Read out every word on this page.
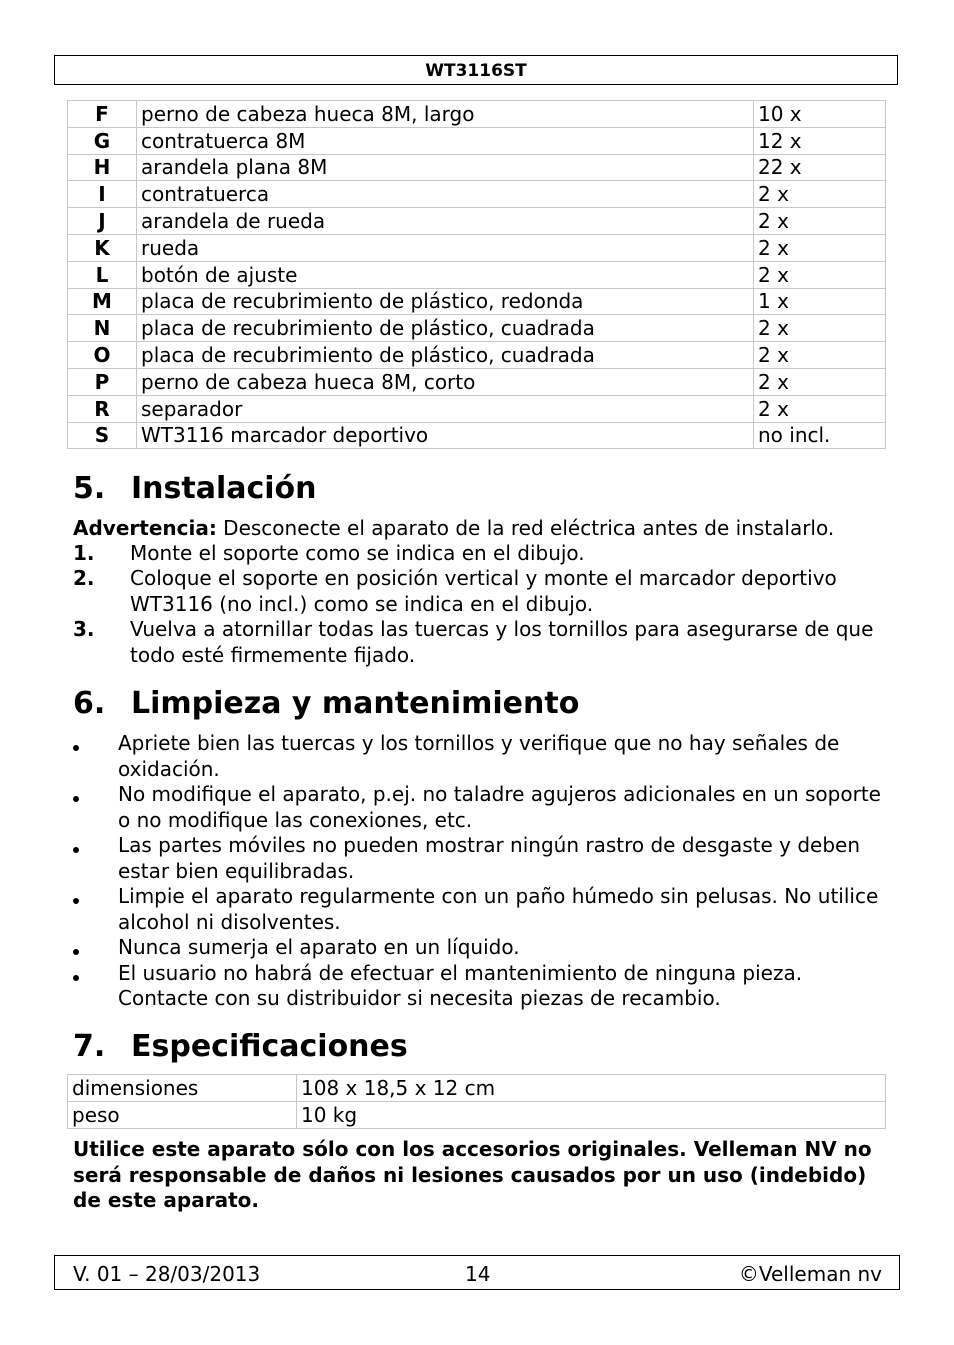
WT3116ST
F	perno de cabeza hueca 8M, largo	10 x
G	contratuerca 8M	12 x
H	arandela plana 8M	22 x
I	contratuerca	2 x
J	arandela de rueda	2 x
K	rueda	2 x
L	botón de ajuste	2 x
M	placa de recubrimiento de plástico, redonda	1 x
N	placa de recubrimiento de plástico, cuadrada	2 x
O	placa de recubrimiento de plástico, cuadrada	2 x
P	perno de cabeza hueca 8M, corto	2 x
R	separador	2 x
S	WT3116 marcador deportivo	no incl.
5. Instalación

Advertencia: Desconecte el aparato de la red eléctrica antes de instalarlo.

1. Monte el soporte como se indica en el dibujo.
2. Coloque el soporte en posición vertical y monte el marcador deportivo WT3116 (no incl.) como se indica en el dibujo.
3. Vuelva a atornillar todas las tuercas y los tornillos para asegurarse de que todo esté firmemente fijado.
6. Limpieza y mantenimiento
Apriete bien las tuercas y los tornillos y verifique que no hay señales de oxidación.
No modifique el aparato, p.ej. no taladre agujeros adicionales en un soporte o no modifique las conexiones, etc.
Las partes móviles no pueden mostrar ningún rastro de desgaste y deben estar bien equilibradas.
Limpie el aparato regularmente con un paño húmedo sin pelusas. No utilice alcohol ni disolventes.
Nunca sumerja el aparato en un líquido.
El usuario no habrá de efectuar el mantenimiento de ninguna pieza. Contacte con su distribuidor si necesita piezas de recambio.
7. Especificaciones
dimensiones	108 x 18,5 x 12 cm
peso	10 kg

Utilice este aparato sólo con los accesorios originales. Velleman NV no será responsable de daños ni lesiones causados por un uso (indebido) de este aparato.

V. 01 – 28/03/2013	14	©Velleman nv
